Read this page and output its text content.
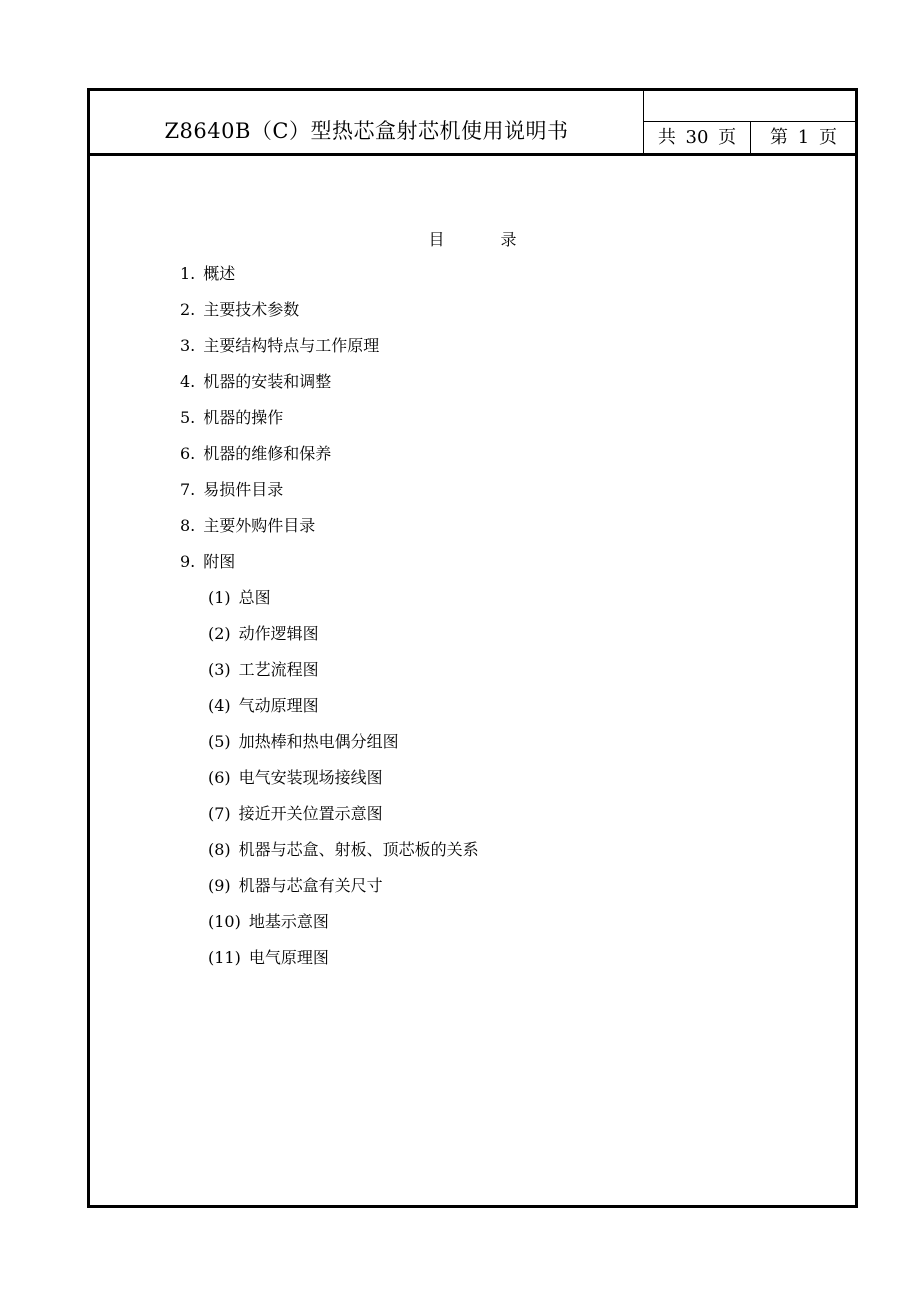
Z8640B（C）型热芯盒射芯机使用说明书	共 30 页	第 1 页
目录
1. 概述
2. 主要技术参数
3. 主要结构特点与工作原理
4. 机器的安装和调整
5. 机器的操作
6. 机器的维修和保养
7. 易损件目录
8. 主要外购件目录
9. 附图
(1) 总图
(2) 动作逻辑图
(3) 工艺流程图
(4) 气动原理图
(5) 加热棒和热电偶分组图
(6) 电气安装现场接线图
(7) 接近开关位置示意图
(8) 机器与芯盒、射板、顶芯板的关系
(9) 机器与芯盒有关尺寸
(10) 地基示意图
(11) 电气原理图
